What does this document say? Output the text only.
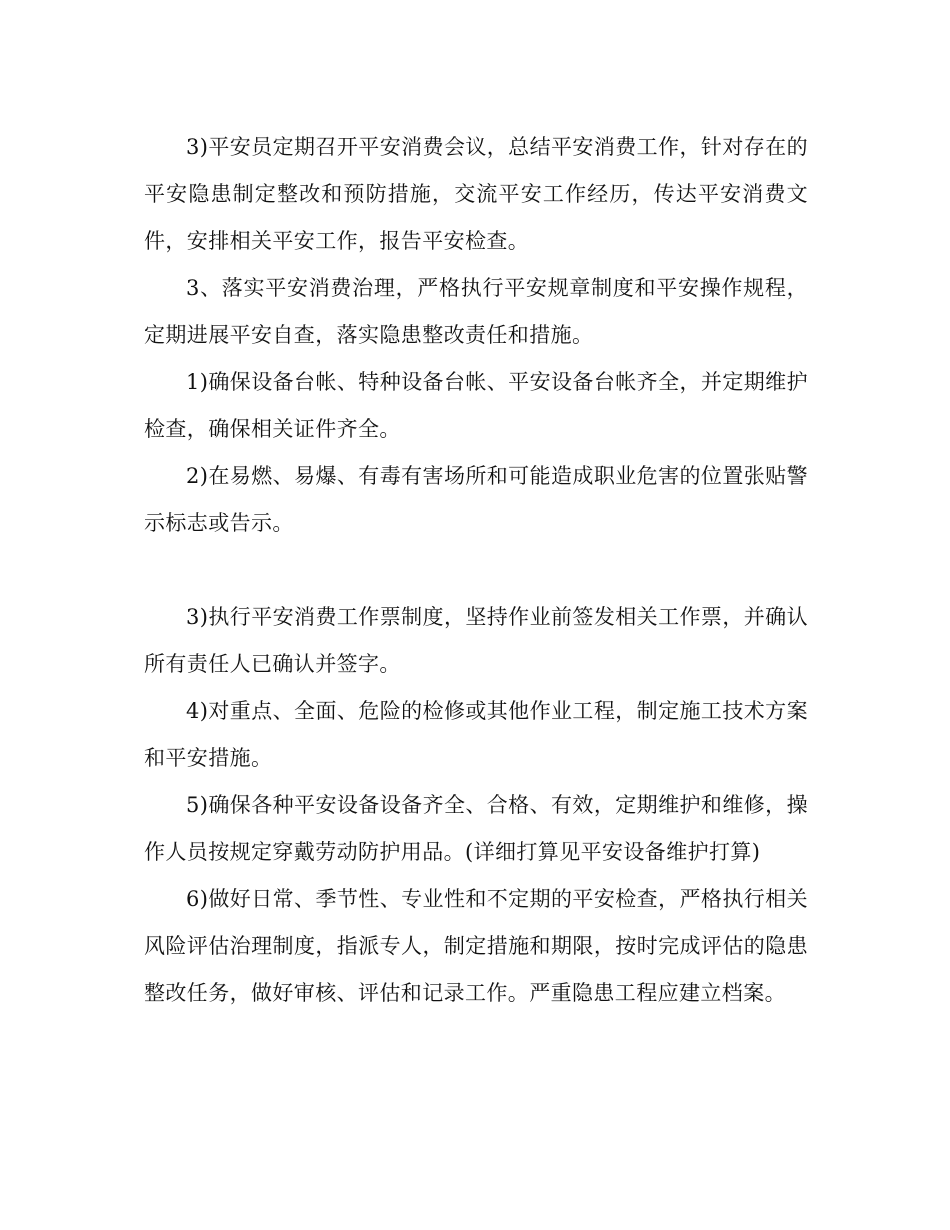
3)平安员定期召开平安消费会议，总结平安消费工作，针对存在的平安隐患制定整改和预防措施，交流平安工作经历，传达平安消费文件，安排相关平安工作，报告平安检查。

3、落实平安消费治理，严格执行平安规章制度和平安操作规程，定期进展平安自查，落实隐患整改责任和措施。

1)确保设备台帐、特种设备台帐、平安设备台帐齐全，并定期维护检查，确保相关证件齐全。

2)在易燃、易爆、有毒有害场所和可能造成职业危害的位置张贴警示标志或告示。

3)执行平安消费工作票制度，坚持作业前签发相关工作票，并确认所有责任人已确认并签字。

4)对重点、全面、危险的检修或其他作业工程，制定施工技术方案和平安措施。

5)确保各种平安设备设备齐全、合格、有效，定期维护和维修，操作人员按规定穿戴劳动防护用品。(详细打算见平安设备维护打算)

6)做好日常、季节性、专业性和不定期的平安检查，严格执行相关风险评估治理制度，指派专人，制定措施和期限，按时完成评估的隐患整改任务，做好审核、评估和记录工作。严重隐患工程应建立档案。
